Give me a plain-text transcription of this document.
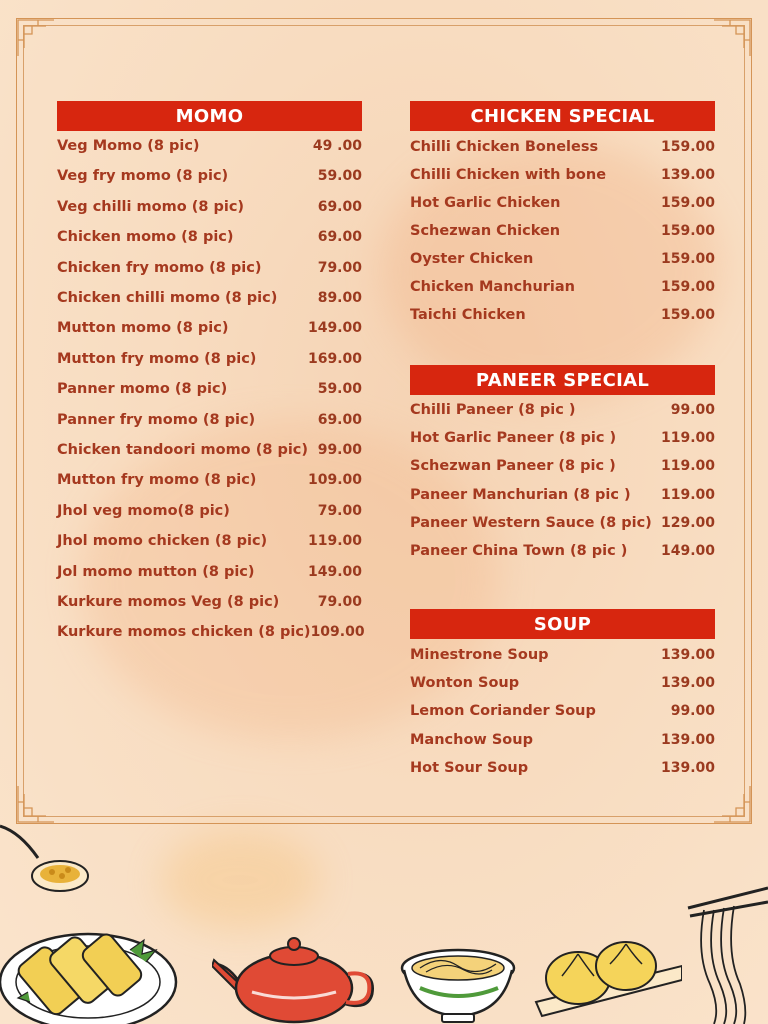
MOMO
Veg Momo (8 pic)	49 .00
Veg fry momo (8 pic)	59.00
Veg chilli momo (8 pic)	69.00
Chicken momo (8 pic)	69.00
Chicken fry momo (8 pic)	79.00
Chicken chilli momo (8 pic)	89.00
Mutton momo (8 pic)	149.00
Mutton fry momo (8 pic)	169.00
Panner momo (8 pic)	59.00
Panner fry momo (8 pic)	69.00
Chicken tandoori momo (8 pic) 99.00
Mutton fry momo (8 pic)	109.00
Jhol veg momo(8 pic)	79.00
Jhol momo chicken (8 pic)	119.00
Jol momo mutton (8 pic)	149.00
Kurkure momos Veg (8 pic)	79.00
Kurkure momos chicken (8 pic) 109.00
CHICKEN SPECIAL
Chilli Chicken Boneless	159.00
Chilli Chicken with bone	139.00
Hot Garlic Chicken	159.00
Schezwan Chicken	159.00
Oyster Chicken	159.00
Chicken Manchurian	159.00
Taichi Chicken	159.00
PANEER SPECIAL
Chilli Paneer (8 pic )	99.00
Hot Garlic Paneer (8 pic )	119.00
Schezwan Paneer (8 pic )	119.00
Paneer Manchurian (8 pic ) 119.00
Paneer Western Sauce (8 pic) 129.00
Paneer China Town (8 pic ) 149.00
SOUP
Minestrone Soup	139.00
Wonton Soup	139.00
Lemon Coriander Soup	99.00
Manchow Soup	139.00
Hot Sour Soup	139.00
